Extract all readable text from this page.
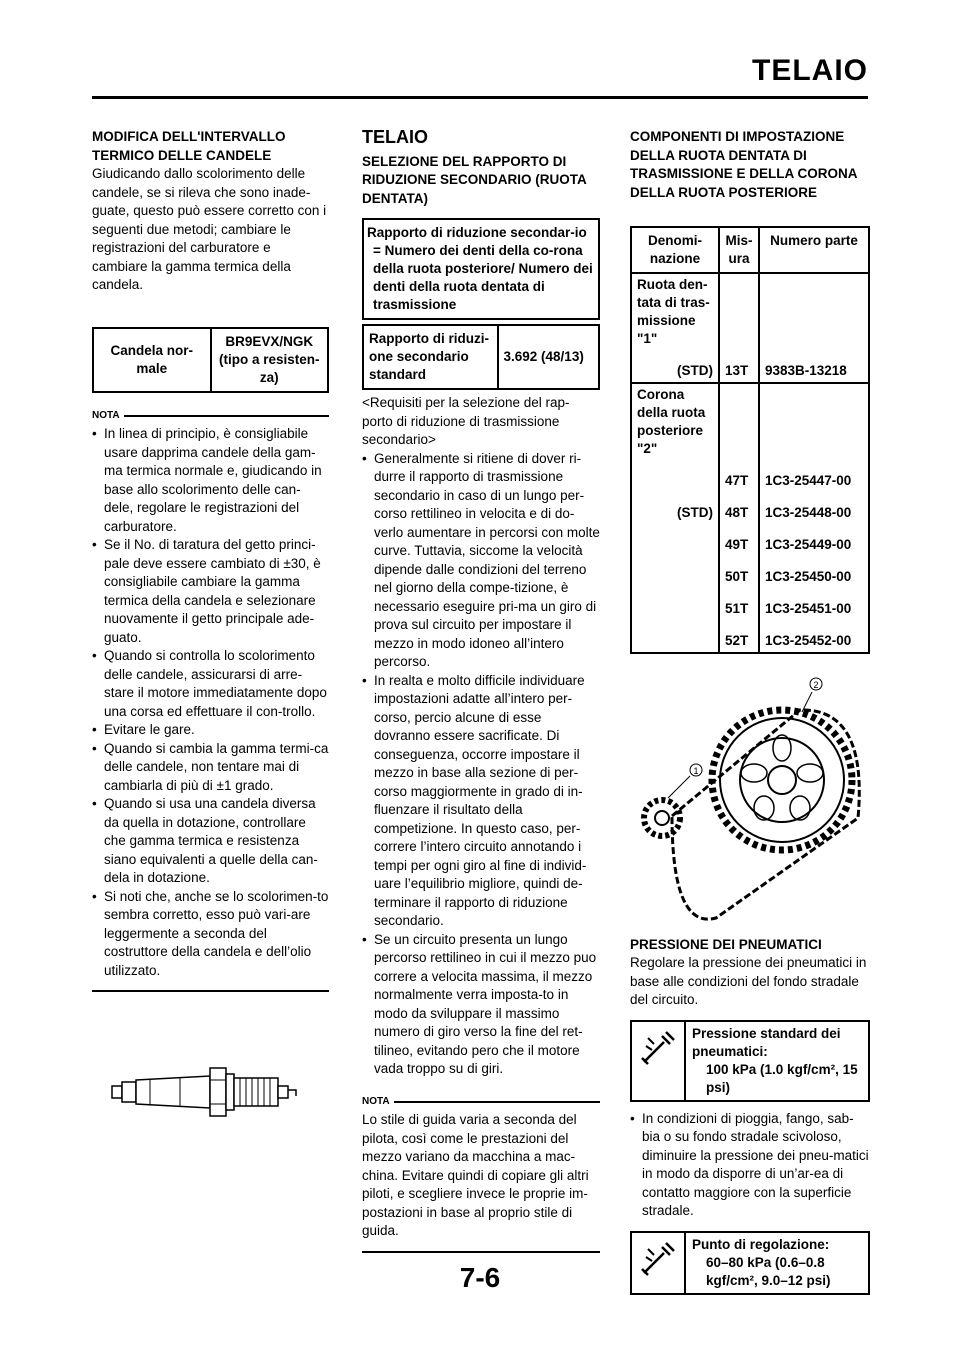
TELAIO

MODIFICA DELL'INTERVALLO TERMICO DELLE CANDELE

Giudicando dallo scolorimento delle candele, se si rileva che sono inade-guate, questo può essere corretto con i seguenti due metodi; cambiare le registrazioni del carburatore e cambiare la gamma termica della candela.

Candela nor-male	BR9EVX/NGK (tipo a resisten-za)
NOTA
• In linea di principio, è consigliabile usare dapprima candele della gam-ma termica normale e, giudicando in base allo scolorimento delle can-dele, regolare le registrazioni del carburatore.
• Se il No. di taratura del getto princi-pale deve essere cambiato di ±30, è consigliabile cambiare la gamma termica della candela e selezionare nuovamente il getto principale ade-guato.
• Quando si controlla lo scolorimento delle candele, assicurarsi di arre-stare il motore immediatamente dopo una corsa ed effettuare il con-trollo.
• Evitare le gare.
• Quando si cambia la gamma termi-ca delle candele, non tentare mai di cambiarla di più di ±1 grado.
• Quando si usa una candela diversa da quella in dotazione, controllare che gamma termica e resistenza siano equivalenti a quelle della can-dela in dotazione.
• Si noti che, anche se lo scolorimen-to sembra corretto, esso può vari-are leggermente a seconda del costruttore della candela e dell’olio utilizzato.

TELAIO

SELEZIONE DEL RAPPORTO DI RIDUZIONE SECONDARIO (RUOTA DENTATA)

Rapporto di riduzione secondar-io = Numero dei denti della co-rona della ruota posteriore/ Numero dei denti della ruota dentata di trasmissione
Rapporto di riduzi-one secondario standard	3.692 (48/13)

<Requisiti per la selezione del rap-porto di riduzione di trasmissione secondario>

• Generalmente si ritiene di dover ri-durre il rapporto di trasmissione secondario in caso di un lungo per-corso rettilineo in velocita e di do-verlo aumentare in percorsi con molte curve. Tuttavia, siccome la velocità dipende dalle condizioni del terreno nel giorno della compe-tizione, è necessario eseguire pri-ma un giro di prova sul circuito per impostare il mezzo in modo idoneo all’intero percorso.
• In realta e molto difficile individuare impostazioni adatte all’intero per-corso, percio alcune di esse dovranno essere sacrificate. Di conseguenza, occorre impostare il mezzo in base alla sezione di per-corso maggiormente in grado di in-fluenzare il risultato della competizione. In questo caso, per-correre l’intero circuito annotando i tempi per ogni giro al fine di individ-uare l’equilibrio migliore, quindi de-terminare il rapporto di riduzione secondario.
• Se un circuito presenta un lungo percorso rettilineo in cui il mezzo puo correre a velocita massima, il mezzo normalmente verra imposta-to in modo da sviluppare il massimo numero di giro verso la fine del ret-tilineo, evitando pero che il motore vada troppo su di giri.
NOTA

Lo stile di guida varia a seconda del pilota, così come le prestazioni del mezzo variano da macchina a mac-china. Evitare quindi di copiare gli altri piloti, e scegliere invece le proprie im-postazioni in base al proprio stile di guida.

COMPONENTI DI IMPOSTAZIONE DELLA RUOTA DENTATA DI TRASMISSIONE E DELLA CORONA DELLA RUOTA POSTERIORE

Denomi-nazione	Mis-ura	Numero parte
Ruota den-tata di tras-missione "1"		

(STD)	13T	9383B-13218
Corona della ruota posteriore "2"		

	47T	1C3-25447-00

(STD)	48T	1C3-25448-00

	49T	1C3-25449-00

	50T	1C3-25450-00

	51T	1C3-25451-00

	52T	1C3-25452-00
1
2

PRESSIONE DEI PNEUMATICI

Regolare la pressione dei pneumatici in base alle condizioni del fondo stradale del circuito.

Pressione standard dei pneumatici:

100 kPa (1.0 kgf/cm², 15 psi)

• In condizioni di pioggia, fango, sab-bia o su fondo stradale scivoloso, diminuire la pressione dei pneu-matici in modo da disporre di un’ar-ea di contatto maggiore con la superficie stradale.

Punto di regolazione:

60–80 kPa (0.6–0.8 kgf/cm², 9.0–12 psi)

7-6
